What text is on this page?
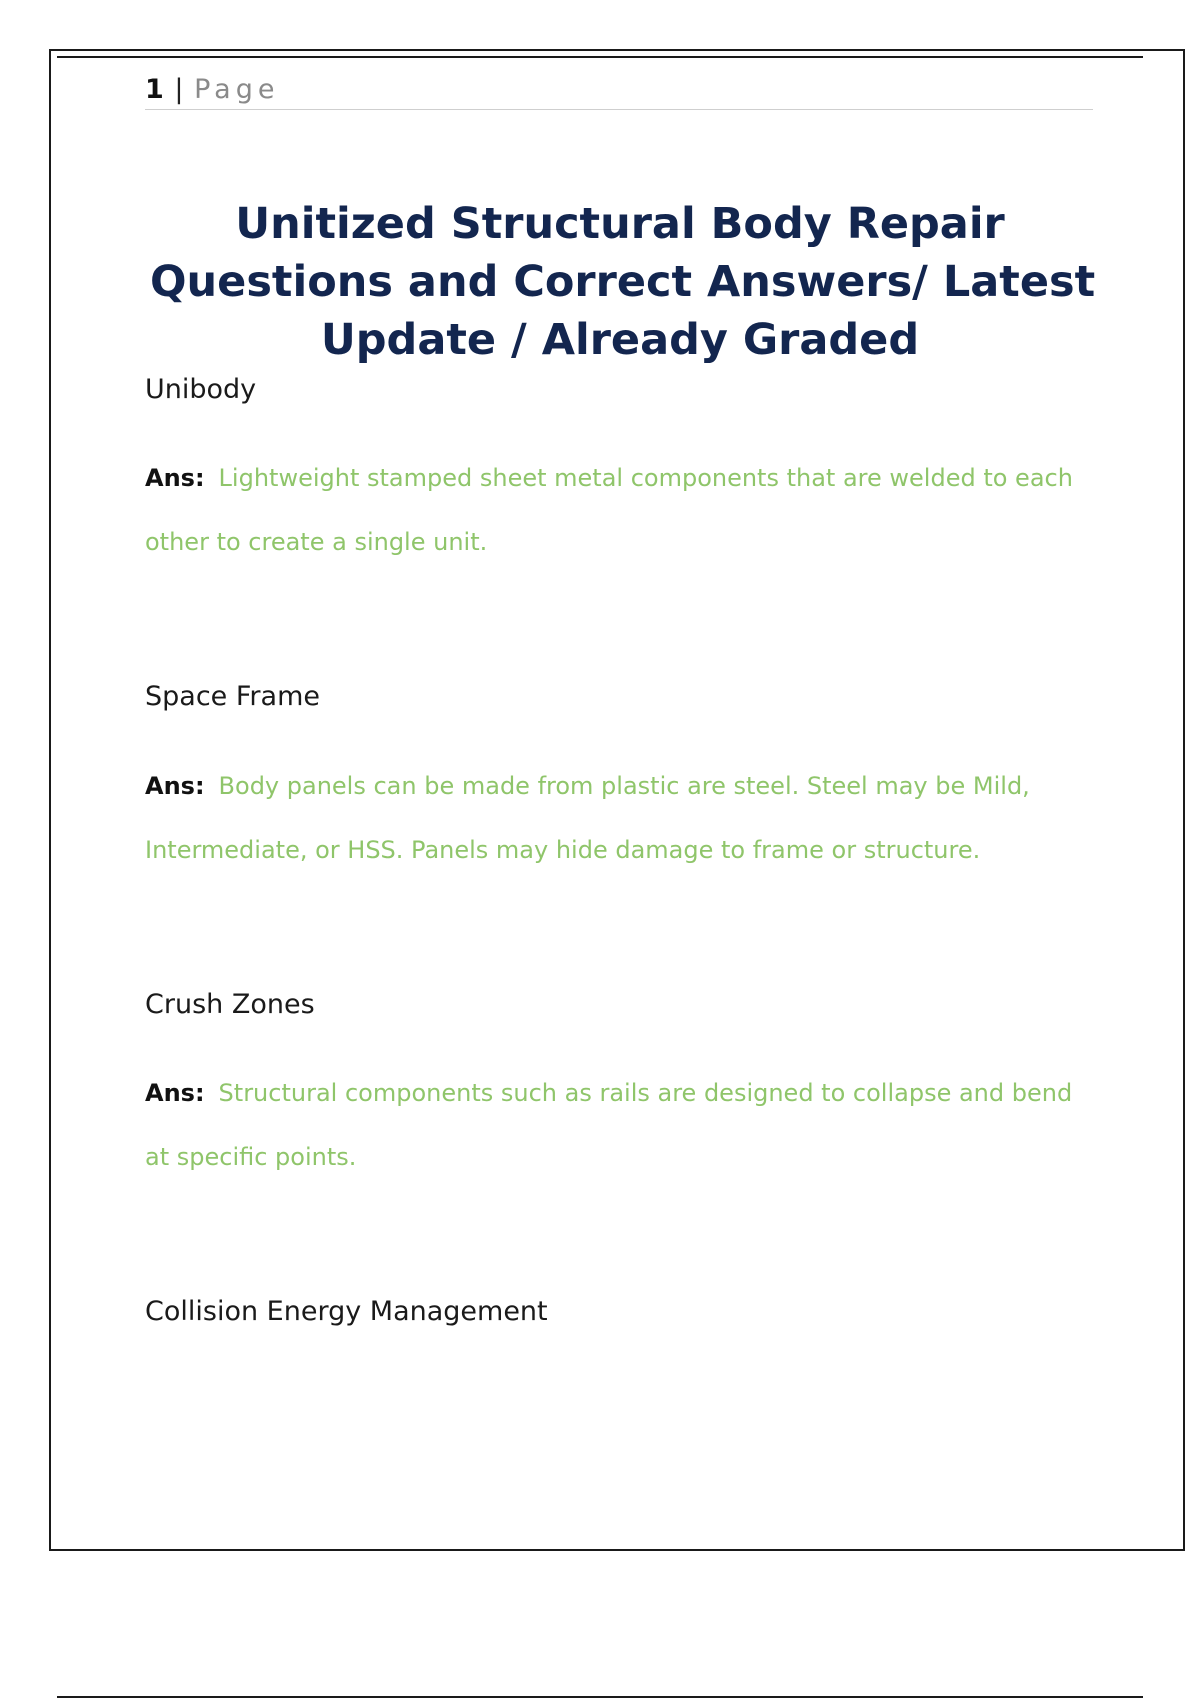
1 | Page
Unitized Structural Body Repair
Questions and Correct Answers/ Latest
Update / Already Graded
Unibody

Ans: Lightweight stamped sheet metal components that are welded to each other to create a single unit.

Space Frame

Ans: Body panels can be made from plastic are steel. Steel may be Mild, Intermediate, or HSS. Panels may hide damage to frame or structure.

Crush Zones

Ans: Structural components such as rails are designed to collapse and bend at specific points.

Collision Energy Management
